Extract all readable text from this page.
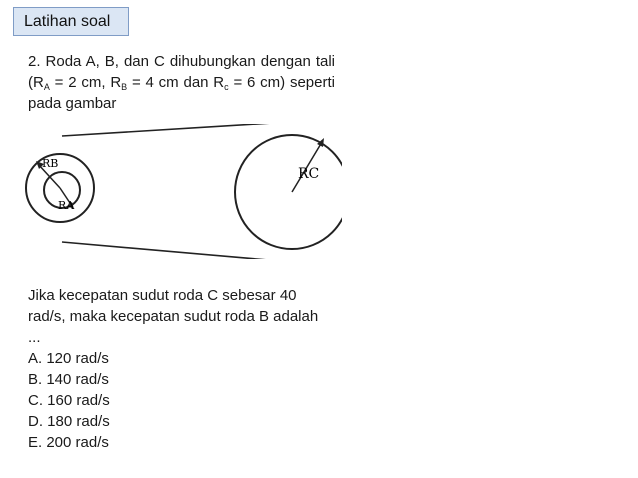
Latihan soal
2. Roda A, B, dan C dihubungkan dengan tali ($R_A = 2$ cm, $R_B = 4$ cm dan $R_c = 6$ cm) seperti pada gambar
RB
RA
RC
Jika kecepatan sudut roda C sebesar 40 rad/s, maka kecepatan sudut roda B adalah ...
A. 120 rad/s
B. 140 rad/s
C. 160 rad/s
D. 180 rad/s
E. 200 rad/s
